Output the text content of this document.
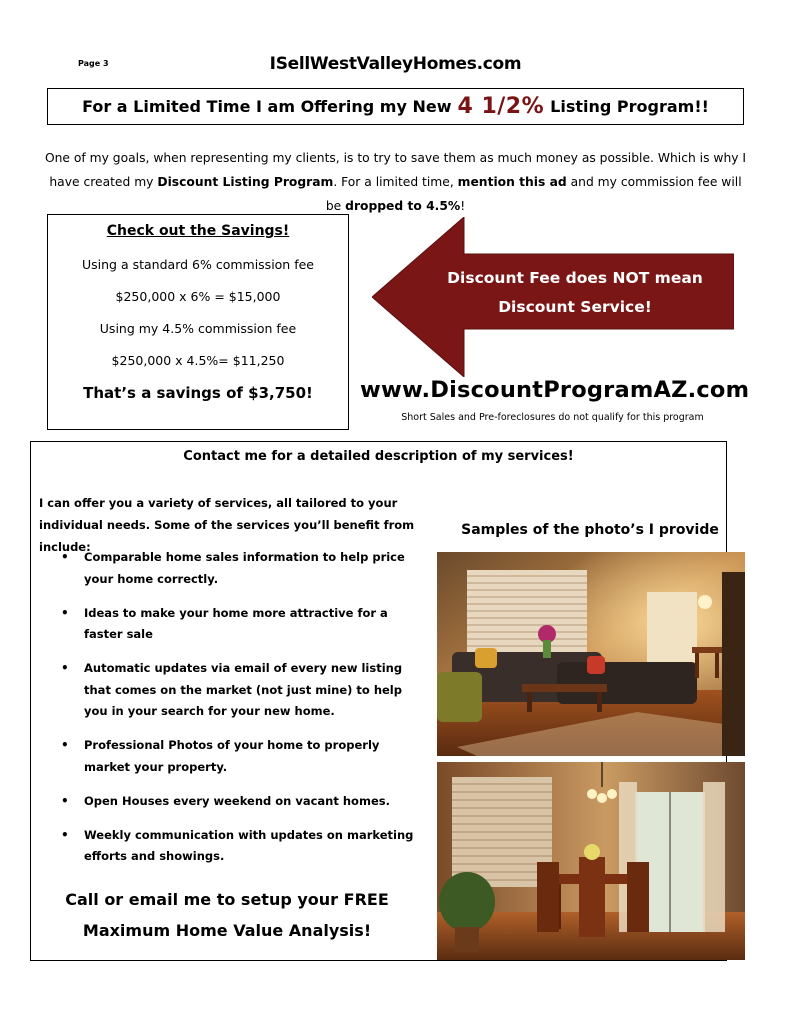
Page 3	ISellWestValleyHomes.com
For a Limited Time I am Offering my New 4 1/2% Listing Program!!
One of my goals, when representing my clients, is to try to save them as much money as possible. Which is why I have created my Discount Listing Program. For a limited time, mention this ad and my commission fee will be dropped to 4.5%!
Check out the Savings!
Using a standard 6% commission fee
$250,000 x 6% = $15,000
Using my 4.5% commission fee
$250,000 x 4.5%= $11,250
That’s a savings of $3,750!
Discount Fee does NOT mean
Discount Service!
www.DiscountProgramAZ.com
Short Sales and Pre-foreclosures do not qualify for this program
Contact me for a detailed description of my services!
I can offer you a variety of services, all tailored to your individual needs. Some of the services you’ll benefit from include:
• Comparable home sales information to help price your home correctly.
• Ideas to make your home more attractive for a faster sale
• Automatic updates via email of every new listing that comes on the market (not just mine) to help you in your search for your new home.
• Professional Photos of your home to properly market your property.
• Open Houses every weekend on vacant homes.
• Weekly communication with updates on marketing efforts and showings.
Call or email me to setup your FREE
Maximum Home Value Analysis!
Samples of the photo’s I provide
